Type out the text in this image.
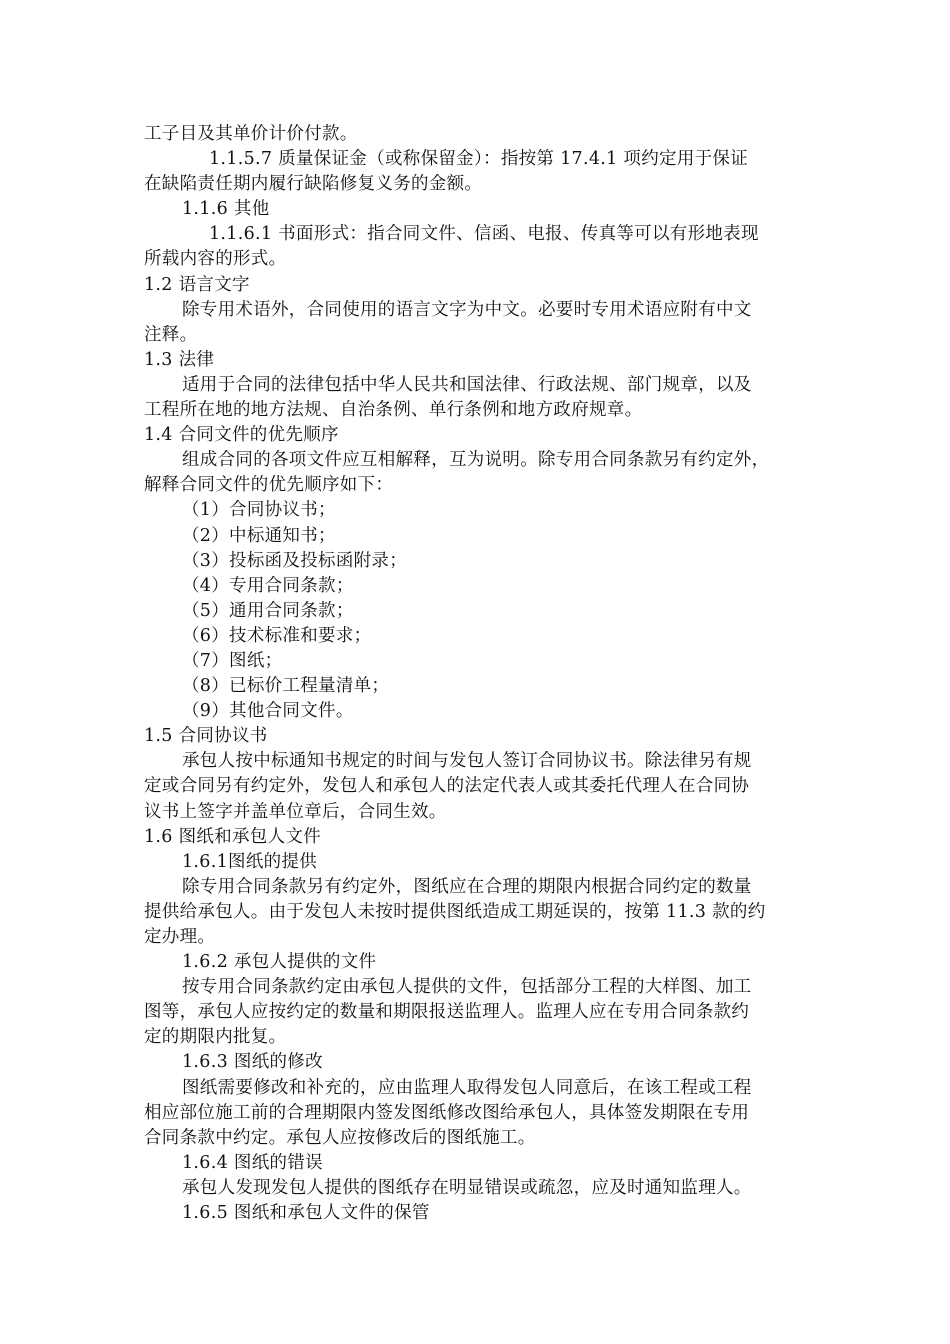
工子目及其单价计价付款。
1.1.5.7 质量保证金（或称保留金）：指按第 17.4.1 项约定用于保证
在缺陷责任期内履行缺陷修复义务的金额。
1.1.6 其他
1.1.6.1 书面形式：指合同文件、信函、电报、传真等可以有形地表现
所载内容的形式。
1.2 语言文字
除专用术语外，合同使用的语言文字为中文。必要时专用术语应附有中文
注释。
1.3 法律
适用于合同的法律包括中华人民共和国法律、行政法规、部门规章，以及
工程所在地的地方法规、自治条例、单行条例和地方政府规章。
1.4 合同文件的优先顺序
组成合同的各项文件应互相解释，互为说明。除专用合同条款另有约定外，
解释合同文件的优先顺序如下：
（1）合同协议书；
（2）中标通知书；
（3）投标函及投标函附录；
（4）专用合同条款；
（5）通用合同条款；
（6）技术标准和要求；
（7）图纸；
（8）已标价工程量清单；
（9）其他合同文件。
1.5 合同协议书
承包人按中标通知书规定的时间与发包人签订合同协议书。除法律另有规
定或合同另有约定外，发包人和承包人的法定代表人或其委托代理人在合同协
议书上签字并盖单位章后，合同生效。
1.6 图纸和承包人文件
1.6.1图纸的提供
除专用合同条款另有约定外，图纸应在合理的期限内根据合同约定的数量
提供给承包人。由于发包人未按时提供图纸造成工期延误的，按第 11.3 款的约
定办理。
1.6.2 承包人提供的文件
按专用合同条款约定由承包人提供的文件，包括部分工程的大样图、加工
图等，承包人应按约定的数量和期限报送监理人。监理人应在专用合同条款约
定的期限内批复。
1.6.3 图纸的修改
图纸需要修改和补充的，应由监理人取得发包人同意后，在该工程或工程
相应部位施工前的合理期限内签发图纸修改图给承包人，具体签发期限在专用
合同条款中约定。承包人应按修改后的图纸施工。
1.6.4 图纸的错误
承包人发现发包人提供的图纸存在明显错误或疏忽，应及时通知监理人。
1.6.5 图纸和承包人文件的保管
